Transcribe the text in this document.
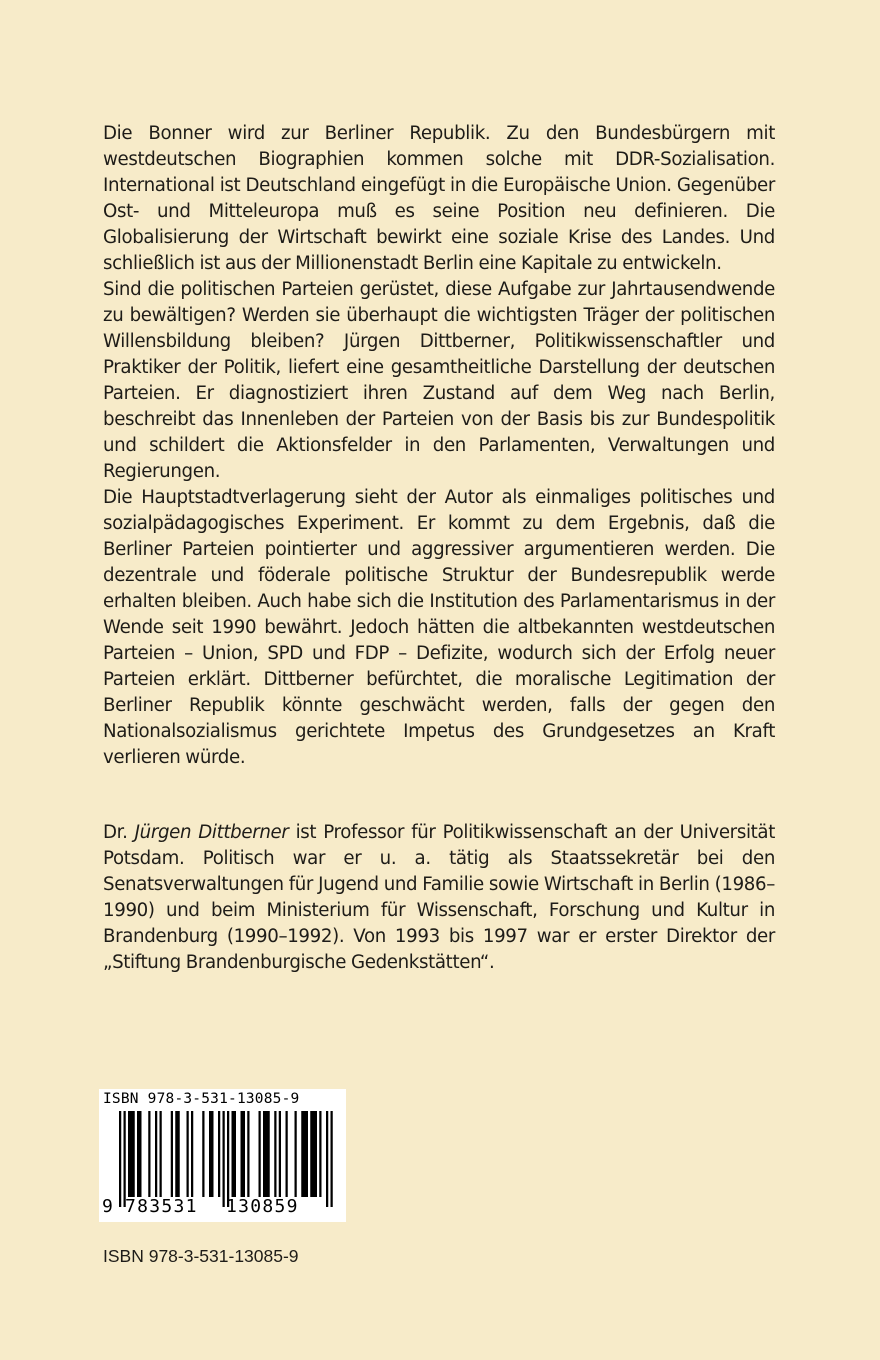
Die Bonner wird zur Berliner Republik. Zu den Bundesbürgern mit westdeutschen Biographien kommen solche mit DDR-Sozialisation. International ist Deutschland eingefügt in die Europäische Union. Gegenüber Ost- und Mitteleuropa muß es seine Position neu definieren. Die Globalisierung der Wirtschaft bewirkt eine soziale Krise des Landes. Und schließlich ist aus der Millionenstadt Berlin eine Kapitale zu entwickeln.

Sind die politischen Parteien gerüstet, diese Aufgabe zur Jahrtausendwende zu bewältigen? Werden sie überhaupt die wichtigsten Träger der politischen Willensbildung bleiben? Jürgen Dittberner, Politikwissenschaftler und Praktiker der Politik, liefert eine gesamtheitliche Darstellung der deutschen Parteien. Er diagnostiziert ihren Zustand auf dem Weg nach Berlin, beschreibt das Innenleben der Parteien von der Basis bis zur Bundespolitik und schildert die Aktionsfelder in den Parlamenten, Verwaltungen und Regierungen.

Die Hauptstadtverlagerung sieht der Autor als einmaliges politisches und sozialpädagogisches Experiment. Er kommt zu dem Ergebnis, daß die Berliner Parteien pointierter und aggressiver argumentieren werden. Die dezentrale und föderale politische Struktur der Bundesrepublik werde erhalten bleiben. Auch habe sich die Institution des Parlamentarismus in der Wende seit 1990 bewährt. Jedoch hätten die altbekannten westdeutschen Parteien – Union, SPD und FDP – Defizite, wodurch sich der Erfolg neuer Parteien erklärt. Dittberner befürchtet, die moralische Legitimation der Berliner Republik könnte geschwächt werden, falls der gegen den Nationalsozialismus gerichtete Impetus des Grundgesetzes an Kraft verlieren würde.

Dr. Jürgen Dittberner ist Professor für Politikwissenschaft an der Universität Potsdam. Politisch war er u. a. tätig als Staatssekretär bei den Senatsverwaltungen für Jugend und Familie sowie Wirtschaft in Berlin (1986–1990) und beim Ministerium für Wissenschaft, Forschung und Kultur in Brandenburg (1990–1992). Von 1993 bis 1997 war er erster Direktor der „Stiftung Brandenburgische Gedenkstätten“.

ISBN 978-3-531-13085-9
9 783531 130859
ISBN 978-3-531-13085-9
